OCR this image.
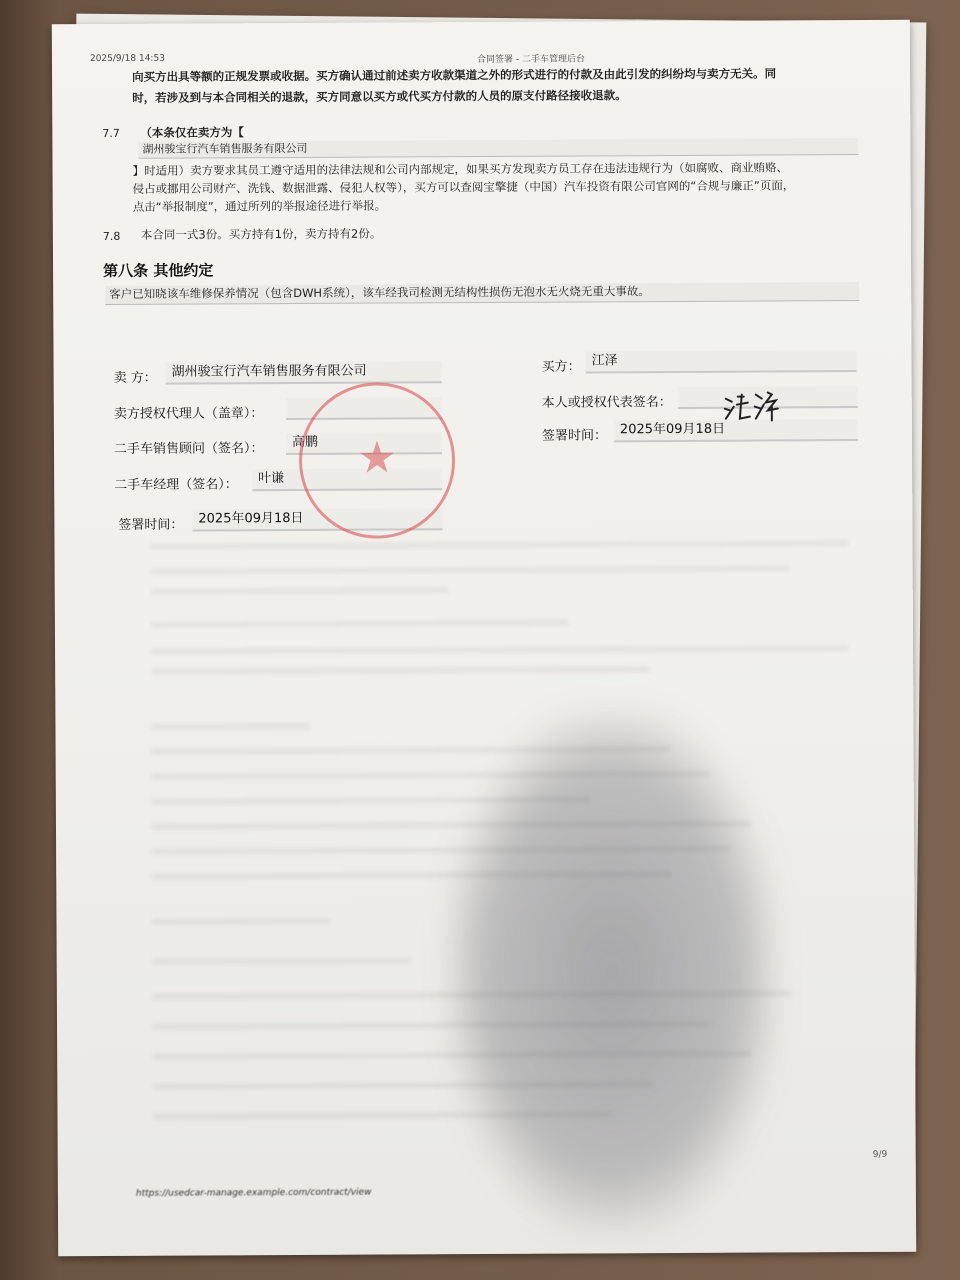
2025/9/18 14:53	合同签署 - 二手车管理后台
向买方出具等额的正规发票或收据。买方确认通过前述卖方收款渠道之外的形式进行的付款及由此引发的纠纷均与卖方无关。同
时，若涉及到与本合同相关的退款，买方同意以买方或代买方付款的人员的原支付路径接收退款。
7.7 （本条仅在卖方为【
湖州骏宝行汽车销售服务有限公司
】时适用）卖方要求其员工遵守适用的法律法规和公司内部规定，如果买方发现卖方员工存在违法违规行为（如腐败、商业贿赂、
侵占或挪用公司财产、洗钱、数据泄露、侵犯人权等），买方可以查阅宝擎捷（中国）汽车投资有限公司官网的“合规与廉正”页面，
点击“举报制度”，通过所列的举报途径进行举报。
7.8 本合同一式3份。买方持有1份，卖方持有2份。
第八条 其他约定
客户已知晓该车维修保养情况（包含DWH系统），该车经我司检测无结构性损伤无泡水无火烧无重大事故。
卖 方：	湖州骏宝行汽车销售服务有限公司
卖方授权代理人（盖章）：
二手车销售顾问（签名）：	高鹏
二手车经理（签名）：	叶谦
签署时间：	2025年09月18日
买方： 江泽
本人或授权代表签名：
签署时间： 2025年09月18日
★
9/9
https://usedcar-manage.example.com/contract/view
